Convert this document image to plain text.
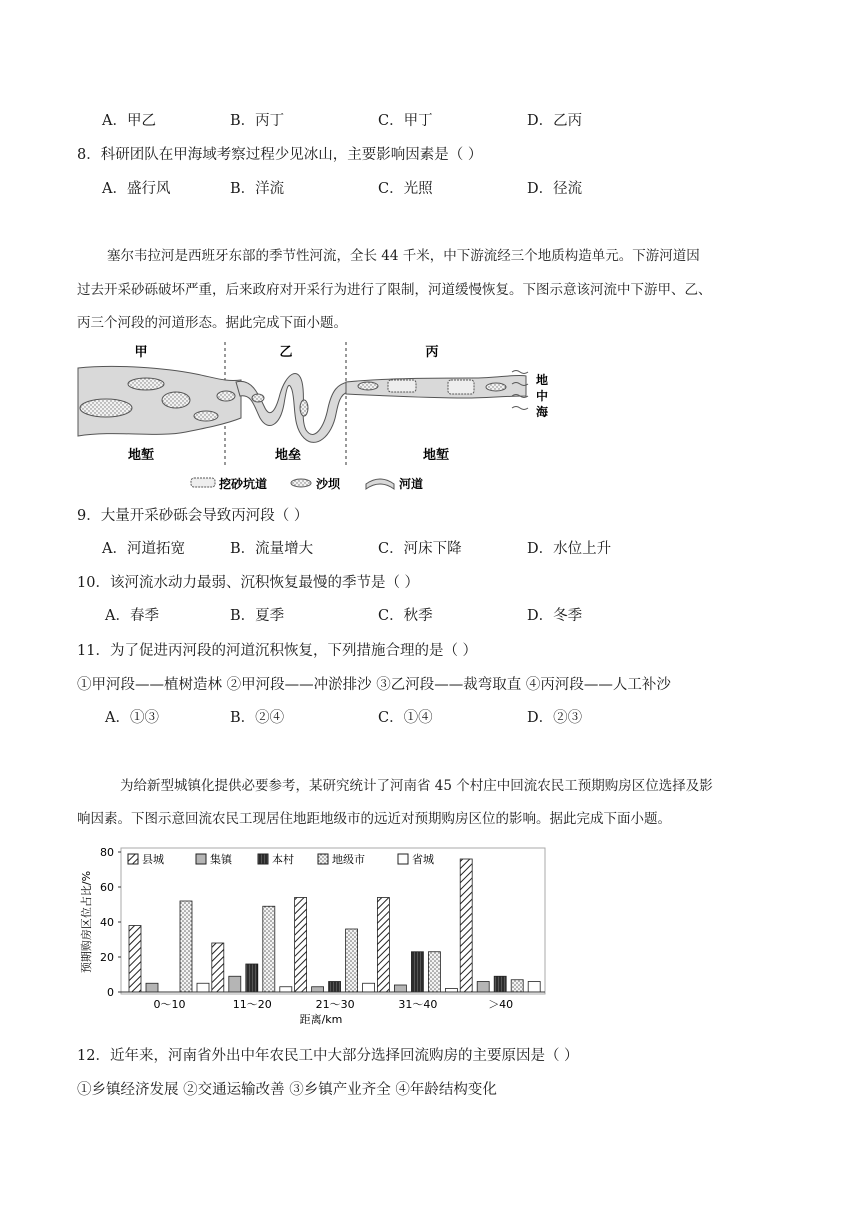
A．甲乙	B．丙丁	C．甲丁	D．乙丙
8．科研团队在甲海域考察过程少见冰山，主要影响因素是（ ）
A．盛行风	B．洋流	C．光照	D．径流
塞尔韦拉河是西班牙东部的季节性河流，全长 44 千米，中下游流经三个地质构造单元。下游河道因
过去开采砂砾破坏严重，后来政府对开采行为进行了限制，河道缓慢恢复。下图示意该河流中下游甲、乙、
丙三个河段的河道形态。据此完成下面小题。
甲	乙	丙
地
中
海
地堑	地垒	地堑
挖砂坑道	沙坝	河道
9．大量开采砂砾会导致丙河段（ ）
A．河道拓宽	B．流量增大	C．河床下降	D．水位上升
10．该河流水动力最弱、沉积恢复最慢的季节是（ ）
A．春季	B．夏季	C．秋季	D．冬季
11．为了促进丙河段的河道沉积恢复，下列措施合理的是（ ）
①甲河段——植树造林 ②甲河段——冲淤排沙 ③乙河段——裁弯取直 ④丙河段——人工补沙
A．①③	B．②④	C．①④	D．②③
为给新型城镇化提供必要参考，某研究统计了河南省 45 个村庄中回流农民工预期购房区位选择及影
响因素。下图示意回流农民工现居住地距地级市的远近对预期购房区位的影响。据此完成下面小题。
预期购房区位占比/%
0
20
40
60
80
县城	集镇	本村	地级市	省城
0～10	11～20	21～30	31～40	＞40
距离/km
12．近年来，河南省外出中年农民工中大部分选择回流购房的主要原因是（ ）
①乡镇经济发展 ②交通运输改善 ③乡镇产业齐全 ④年龄结构变化
